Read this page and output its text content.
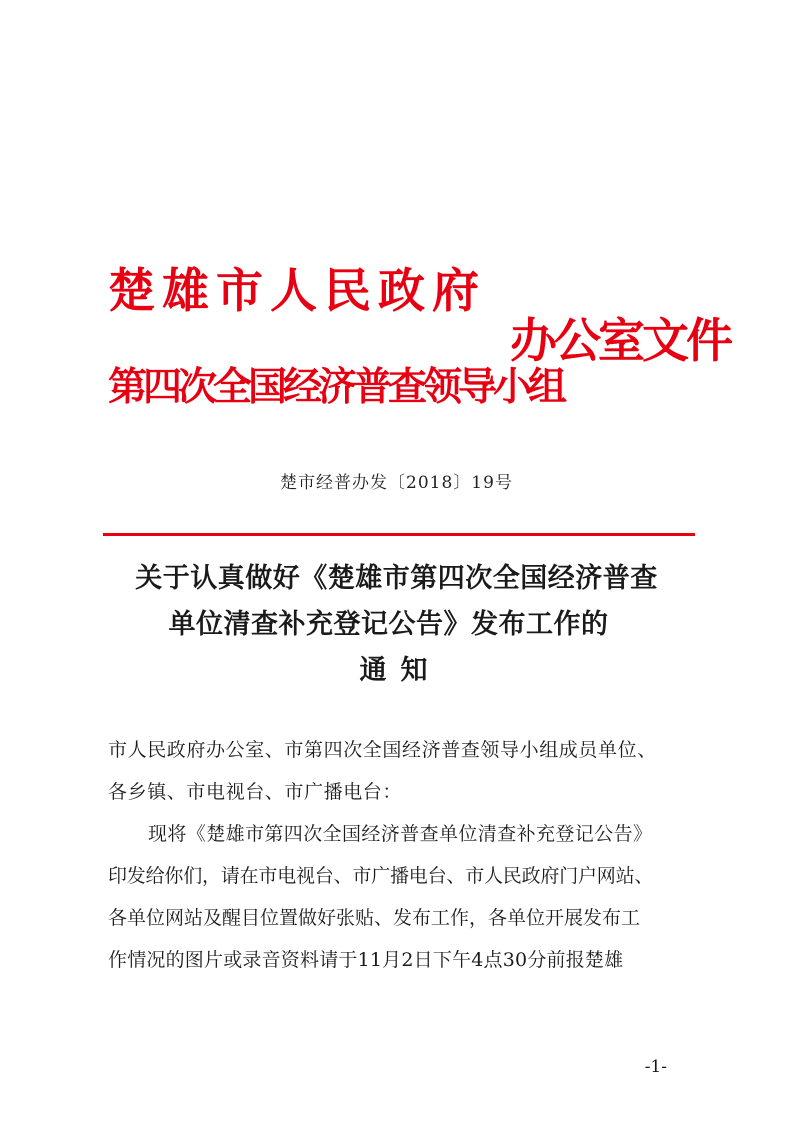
楚雄市人民政府
办公室文件
第四次全国经济普查领导小组
楚市经普办发〔2018〕19号
关于认真做好《楚雄市第四次全国经济普查
单位清查补充登记公告》发布工作的
通知
市人民政府办公室、市第四次全国经济普查领导小组成员单位、
各乡镇、市电视台、市广播电台：
现将《楚雄市第四次全国经济普查单位清查补充登记公告》
印发给你们，请在市电视台、市广播电台、市人民政府门户网站、
各单位网站及醒目位置做好张贴、发布工作，各单位开展发布工
作情况的图片或录音资料请于11月2日下午4点30分前报楚雄
-1-
